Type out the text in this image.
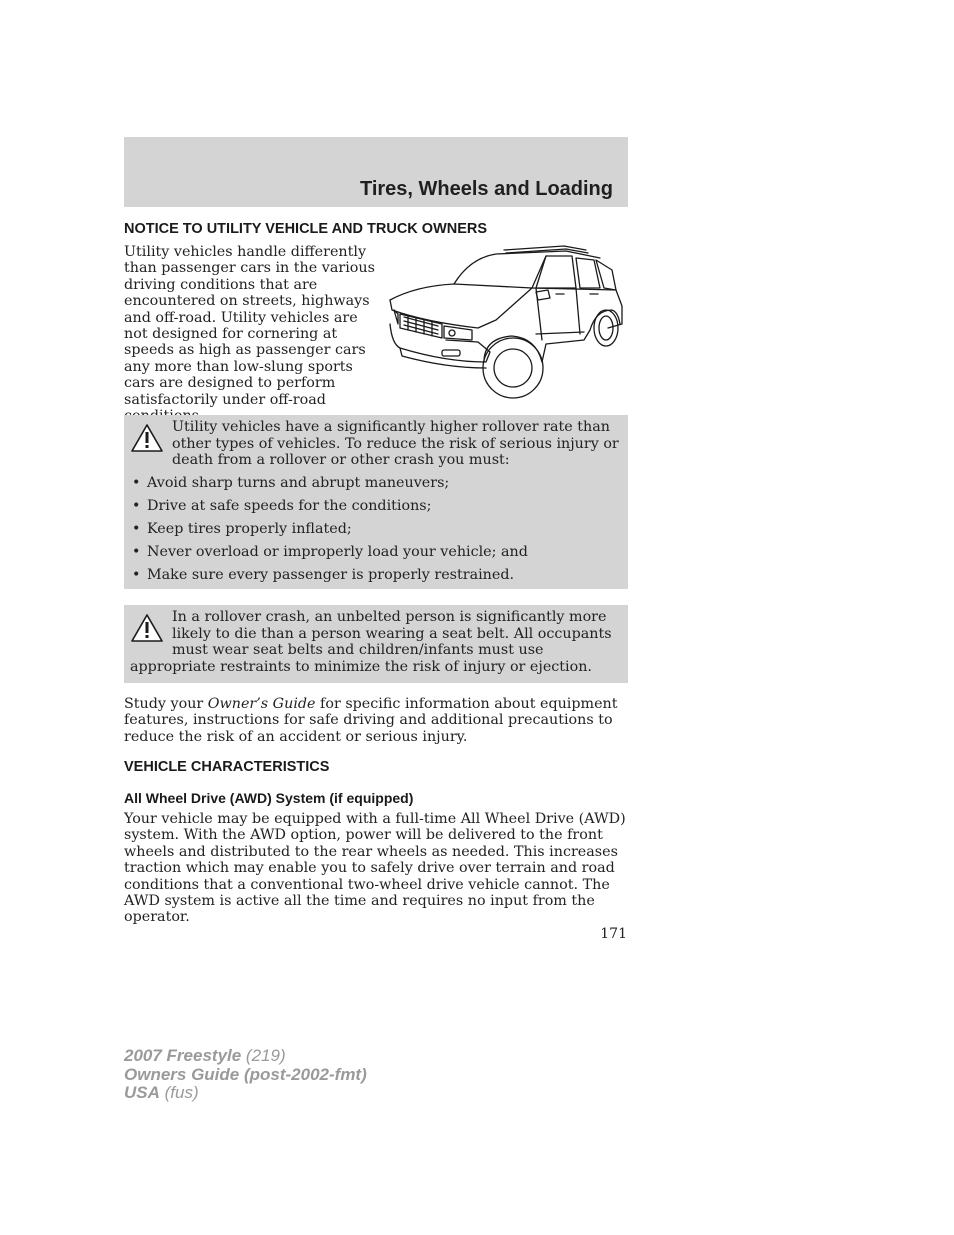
Tires, Wheels and Loading
NOTICE TO UTILITY VEHICLE AND TRUCK OWNERS

Utility vehicles handle differently than passenger cars in the various driving conditions that are encountered on streets, highways and off-road. Utility vehicles are not designed for cornering at speeds as high as passenger cars any more than low-slung sports cars are designed to perform satisfactorily under off-road

Utility vehicles have a significantly higher rollover rate than other types of vehicles. To reduce the risk of serious injury or death from a rollover or other crash you must:

• Avoid sharp turns and abrupt maneuvers;
• Drive at safe speeds for the conditions;
• Keep tires properly inflated;
• Never overload or improperly load your vehicle; and
• Make sure every passenger is properly restrained.

In a rollover crash, an unbelted person is significantly more likely to die than a person wearing a seat belt. All occupants must wear seat belts and children/infants must use appropriate restraints to minimize the risk of injury or ejection.

Study your Owner’s Guide for specific information about equipment features, instructions for safe driving and additional precautions to reduce the risk of an accident or serious injury.

VEHICLE CHARACTERISTICS
All Wheel Drive (AWD) System (if equipped)

Your vehicle may be equipped with a full-time All Wheel Drive (AWD) system. With the AWD option, power will be delivered to the front wheels and distributed to the rear wheels as needed. This increases traction which may enable you to safely drive over terrain and road conditions that a conventional two-wheel drive vehicle cannot. The AWD system is active all the time and requires no input from the operator.

171

2007 Freestyle (219)
Owners Guide (post-2002-fmt)
USA (fus)
